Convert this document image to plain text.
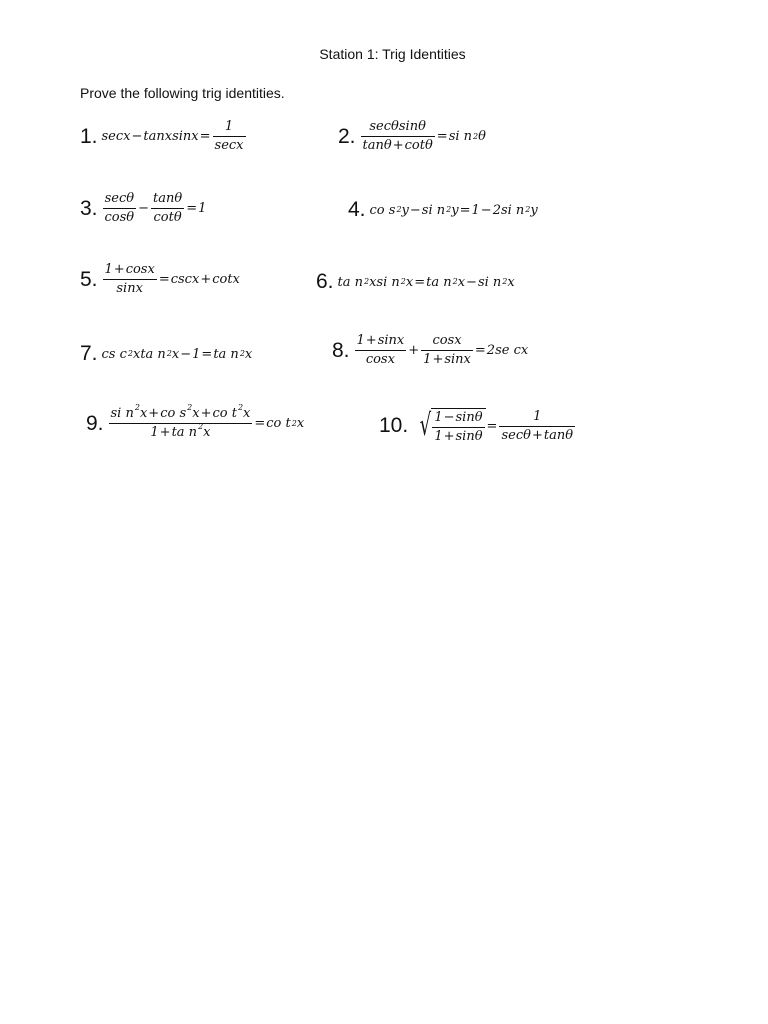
Station 1: Trig Identities
Prove the following trig identities.
1. secx − tanxsinx = $\frac{1}{\sec x}$	2. $\frac{\sec\theta\sin\theta}{\tan\theta+\cot\theta}$ = si n 2 θ
3. $\frac{\sec\theta}{\cos\theta} - \frac{\tan\theta}{\cot\theta} = 1$	4. co s 2 y − si n 2 y = 1 − 2si n 2 y
5. $\frac{1+\cos x}{\sin x} = \csc x + \cot x$	6. ta n 2 xsi n 2 x = ta n 2 x − si n 2 x
7. cs c 2 xta n 2 x − 1 = ta n 2 x	8. $\frac{1+\sin x}{\cos x} + \frac{\cos x}{1+\sin x} = 2se$ cx
9. $\frac{si n^2x+co s^2x+co t^2x}{1+ta n^2x}$ = co t 2 x	10. √ $\frac{1-\sin\theta}{1+\sin\theta} = \frac{1}{\sec\theta+\tan\theta}$
